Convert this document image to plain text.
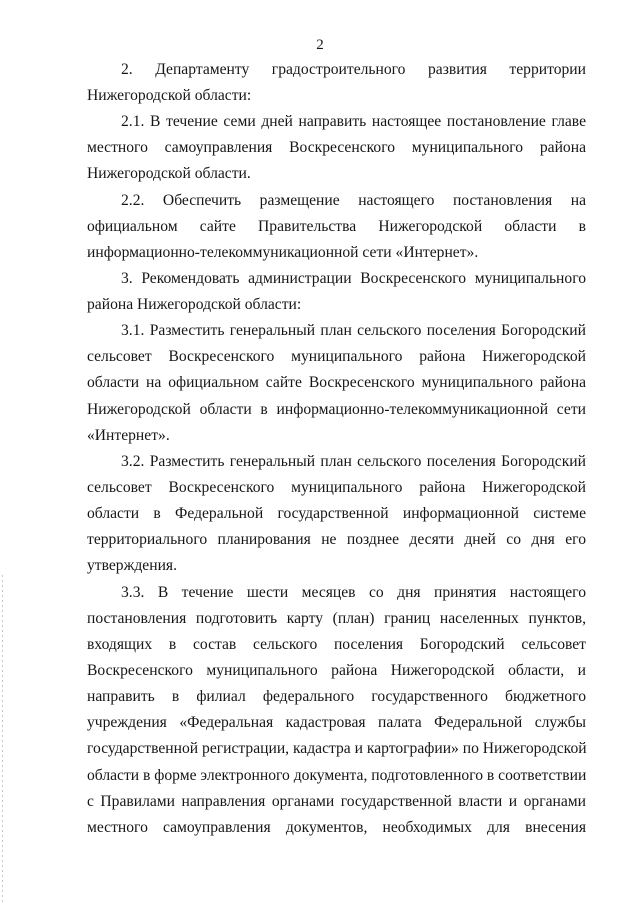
2
2. Департаменту градостроительного развития территории
Нижегородской области:
2.1. В течение семи дней направить настоящее постановление главе
местного самоуправления Воскресенского муниципального района
Нижегородской области.
2.2. Обеспечить размещение настоящего постановления на
официальном сайте Правительства Нижегородской области в
информационно-телекоммуникационной сети «Интернет».
3. Рекомендовать администрации Воскресенского муниципального
района Нижегородской области:
3.1. Разместить генеральный план сельского поселения Богородский
сельсовет Воскресенского муниципального района Нижегородской
области на официальном сайте Воскресенского муниципального района
Нижегородской области в информационно-телекоммуникационной сети
«Интернет».
3.2. Разместить генеральный план сельского поселения Богородский
сельсовет Воскресенского муниципального района Нижегородской
области в Федеральной государственной информационной системе
территориального планирования не позднее десяти дней со дня его
утверждения.
3.3. В течение шести месяцев со дня принятия настоящего
постановления подготовить карту (план) границ населенных пунктов,
входящих в состав сельского поселения Богородский сельсовет
Воскресенского муниципального района Нижегородской области, и
направить в филиал федерального государственного бюджетного
учреждения «Федеральная кадастровая палата Федеральной службы
государственной регистрации, кадастра и картографии» по Нижегородской
области в форме электронного документа, подготовленного в соответствии
с Правилами направления органами государственной власти и органами
местного самоуправления документов, необходимых для внесения
